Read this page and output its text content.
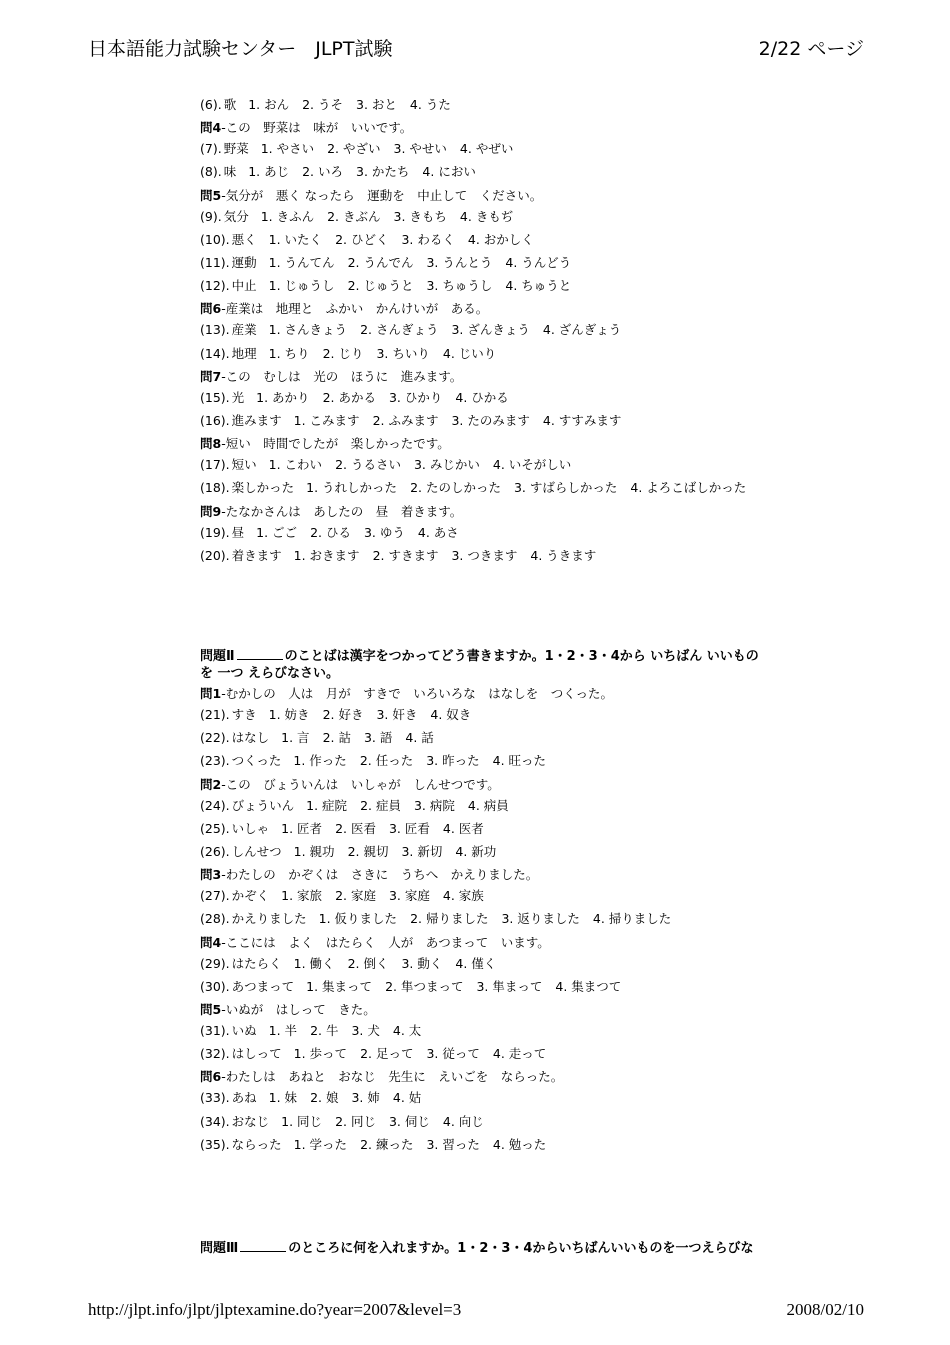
日本語能力試験センター　JLPT試験	2/22 ページ
(6). 歌 1. おん 2. うそ 3. おと 4. うた
問4-この　野菜は　味が　いいです。
(7). 野菜 1. やさい 2. やざい 3. やせい 4. やぜい
(8). 味 1. あじ 2. いろ 3. かたち 4. におい
問5-気分が　悪く なったら　運動を　中止して　ください。
(9). 気分 1. きふん 2. きぶん 3. きもち 4. きもぢ
(10). 悪く 1. いたく 2. ひどく 3. わるく 4. おかしく
(11). 運動 1. うんてん 2. うんでん 3. うんとう 4. うんどう
(12). 中止 1. じゅうし 2. じゅうと 3. ちゅうし 4. ちゅうと
問6-産業は　地理と　ふかい　かんけいが　ある。
(13). 産業 1. さんきょう 2. さんぎょう 3. ざんきょう 4. ざんぎょう
(14). 地理 1. ちり 2. じり 3. ちいり 4. じいり
問7-この　むしは　光の　ほうに　進みます。
(15). 光 1. あかり 2. あかる 3. ひかり 4. ひかる
(16). 進みます 1. こみます 2. ふみます 3. たのみます 4. すすみます
問8-短い　時間でしたが　楽しかったです。
(17). 短い 1. こわい 2. うるさい 3. みじかい 4. いそがしい
(18). 楽しかった 1. うれしかった 2. たのしかった 3. すばらしかった 4. よろこばしかった
問9-たなかさんは　あしたの　昼　着きます。
(19). 昼 1. ごご 2. ひる 3. ゆう 4. あさ
(20). 着きます 1. おきます 2. すきます 3. つきます 4. うきます
問題Ⅱ	のことばは漢字をつかってどう書きますか。1・2・3・4から いちばん いいもの を 一つ えらびなさい。
問1-むかしの　人は　月が　すきで　いろいろな　はなしを　つくった。
(21). すき 1. 妨き 2. 好き 3. 奸き 4. 奴き
(22). はなし 1. 言 2. 詁 3. 語 4. 話
(23). つくった 1. 作った 2. 任った 3. 昨った 4. 旺った
問2-この　びょういんは　いしゃが　しんせつです。
(24). びょういん 1. 症院 2. 症員 3. 病院 4. 病員
(25). いしゃ 1. 匠者 2. 医看 3. 匠看 4. 医者
(26). しんせつ 1. 親功 2. 親切 3. 新切 4. 新功
問3-わたしの　かぞくは　さきに　うちへ　かえりました。
(27). かぞく 1. 家旅 2. 家庭 3. 家庭 4. 家族
(28). かえりました 1. 仮りました 2. 帰りました 3. 返りました 4. 掃りました
問4-ここには　よく　はたらく　人が　あつまって　います。
(29). はたらく 1. 働く 2. 倒く 3. 動く 4. 僅く
(30). あつまって 1. 集まって 2. 隼つまって 3. 隼まって 4. 集まつて
問5-いぬが　はしって　きた。
(31). いぬ 1. 半 2. 牛 3. 犬 4. 太
(32). はしって 1. 歩って 2. 足って 3. 従って 4. 走って
問6-わたしは　あねと　おなじ　先生に　えいごを　ならった。
(33). あね 1. 妹 2. 娘 3. 姉 4. 姑
(34). おなじ 1. 同じ 2. 冋じ 3. 伺じ 4. 向じ
(35). ならった 1. 学った 2. 練った 3. 習った 4. 勉った
問題Ⅲ	のところに何を入れますか。1・2・3・4からいちばんいいものを一つえらびな
http://jlpt.info/jlpt/jlptexamine.do?year=2007&level=3	2008/02/10
